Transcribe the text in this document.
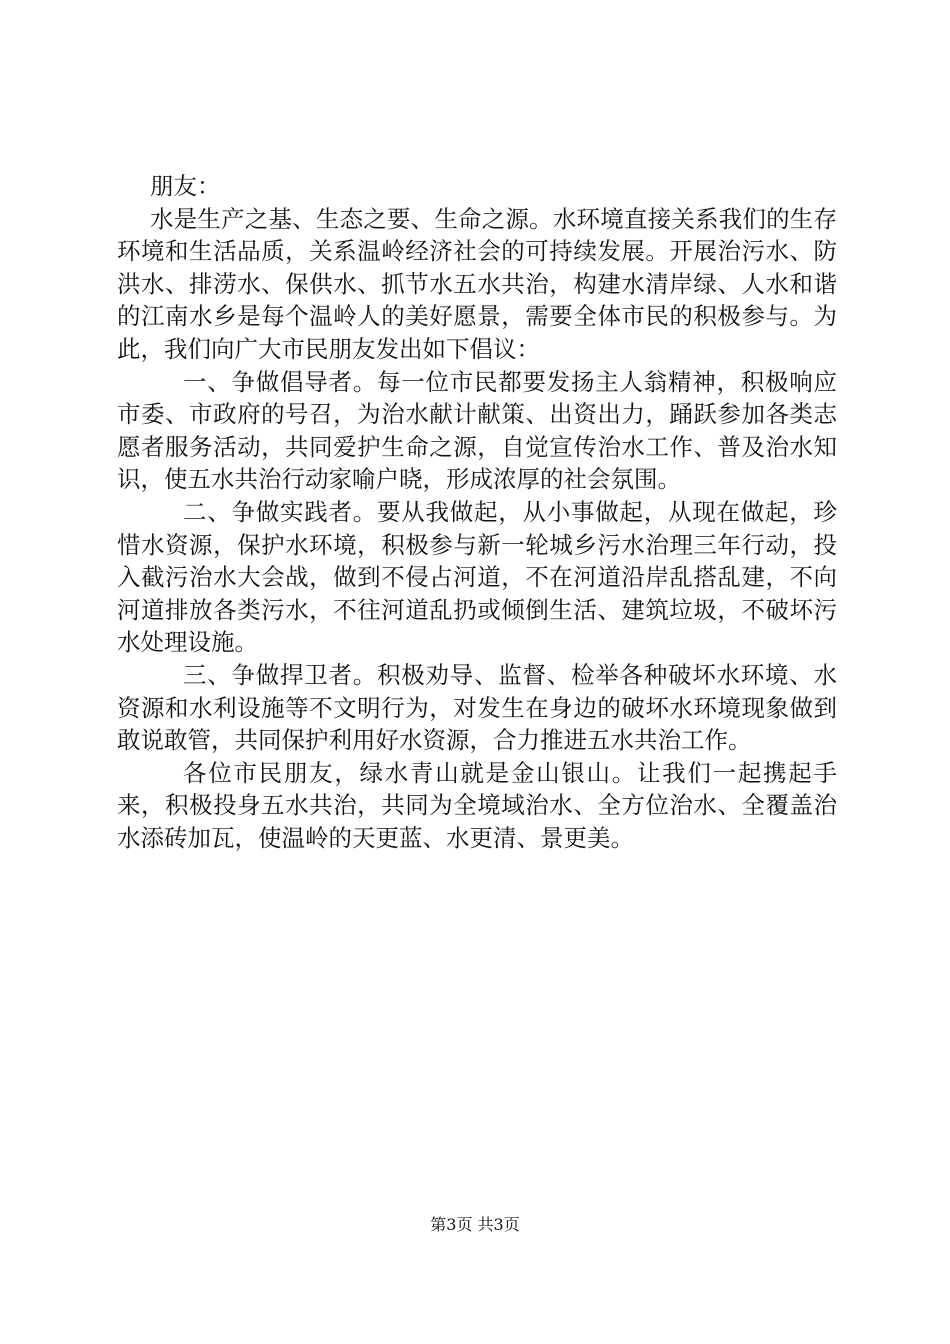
朋友：

水是生产之基、生态之要、生命之源。水环境直接关系我们的生存环境和生活品质，关系温岭经济社会的可持续发展。开展治污水、防洪水、排涝水、保供水、抓节水五水共治，构建水清岸绿、人水和谐的江南水乡是每个温岭人的美好愿景，需要全体市民的积极参与。为此，我们向广大市民朋友发出如下倡议：

一、争做倡导者。每一位市民都要发扬主人翁精神，积极响应市委、市政府的号召，为治水献计献策、出资出力，踊跃参加各类志愿者服务活动，共同爱护生命之源，自觉宣传治水工作、普及治水知识，使五水共治行动家喻户晓，形成浓厚的社会氛围。

二、争做实践者。要从我做起，从小事做起，从现在做起，珍惜水资源，保护水环境，积极参与新一轮城乡污水治理三年行动，投入截污治水大会战，做到不侵占河道，不在河道沿岸乱搭乱建，不向河道排放各类污水，不往河道乱扔或倾倒生活、建筑垃圾，不破坏污水处理设施。

三、争做捍卫者。积极劝导、监督、检举各种破坏水环境、水资源和水利设施等不文明行为，对发生在身边的破坏水环境现象做到敢说敢管，共同保护利用好水资源，合力推进五水共治工作。

各位市民朋友，绿水青山就是金山银山。让我们一起携起手来，积极投身五水共治，共同为全境域治水、全方位治水、全覆盖治水添砖加瓦，使温岭的天更蓝、水更清、景更美。

第3页 共3页
